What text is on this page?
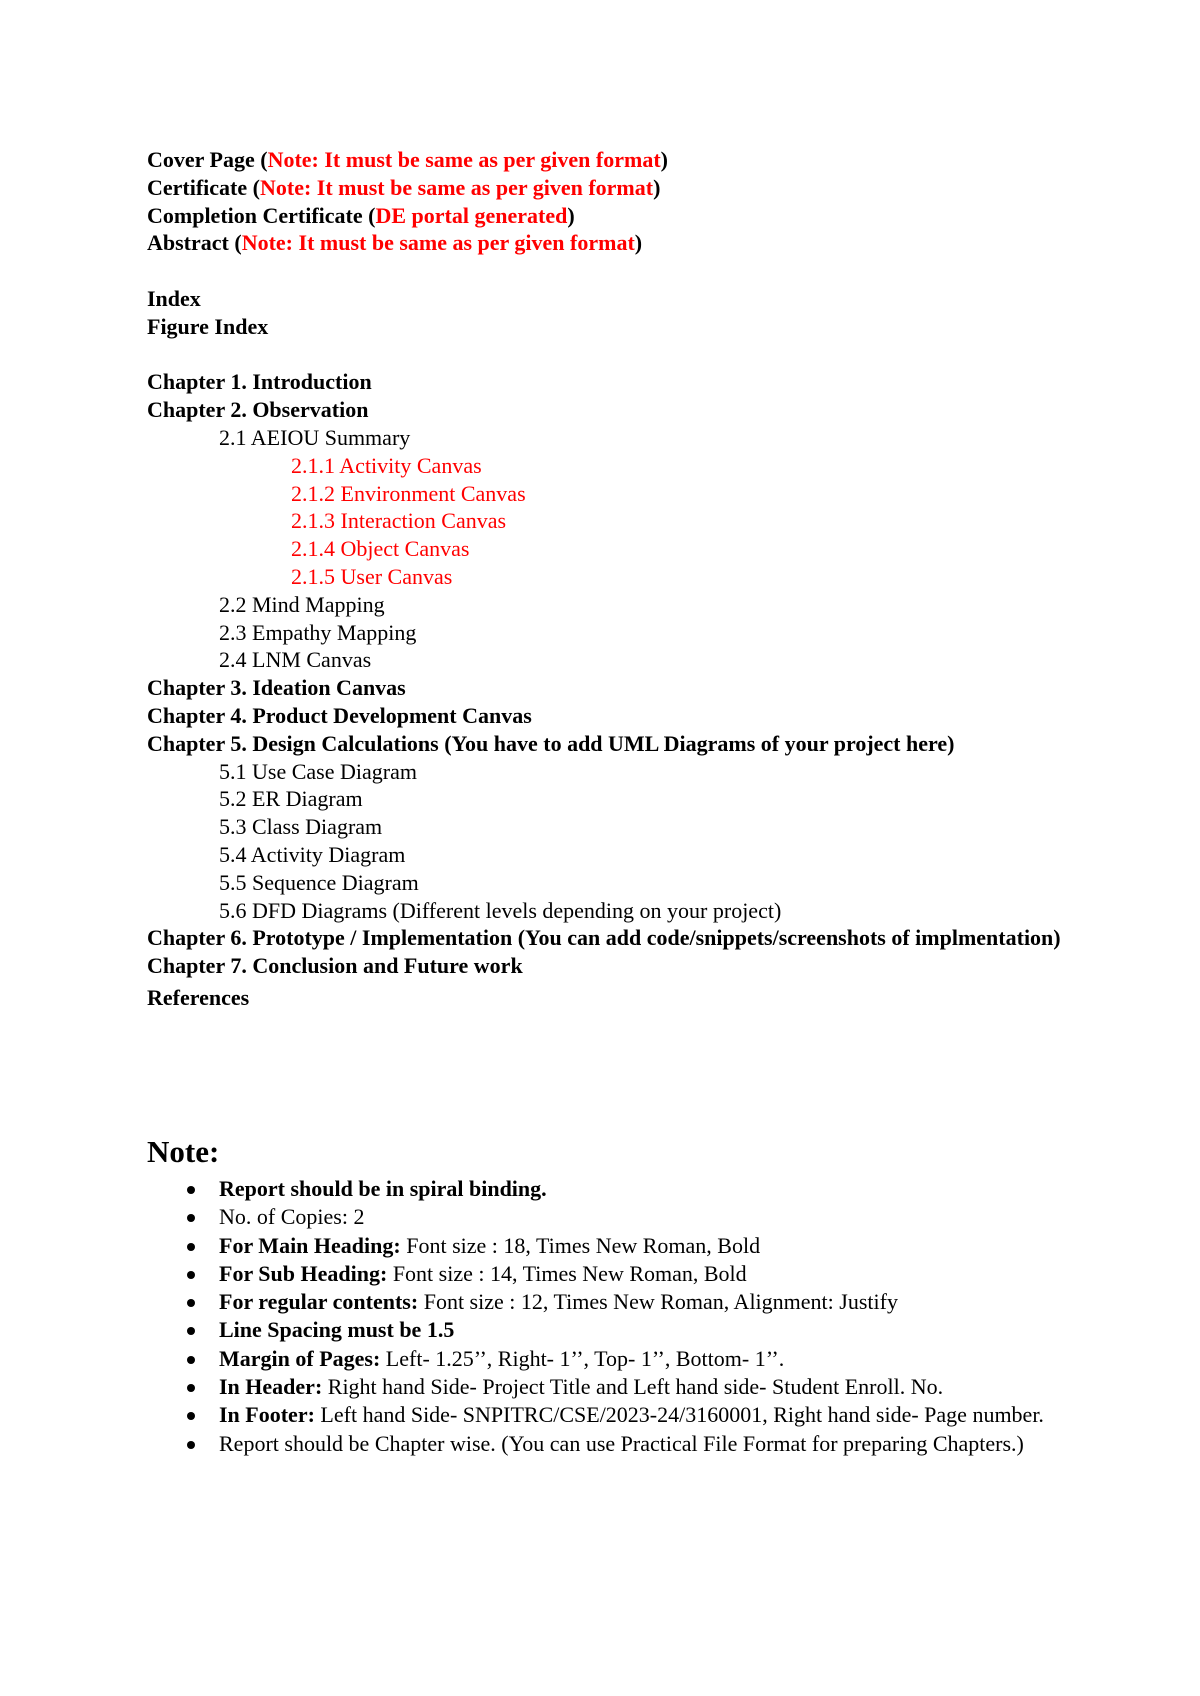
Cover Page (Note: It must be same as per given format)
Certificate (Note: It must be same as per given format)
Completion Certificate (DE portal generated)
Abstract (Note: It must be same as per given format)
Index
Figure Index
Chapter 1. Introduction
Chapter 2. Observation
2.1 AEIOU Summary
2.1.1 Activity Canvas
2.1.2 Environment Canvas
2.1.3 Interaction Canvas
2.1.4 Object Canvas
2.1.5 User Canvas
2.2 Mind Mapping
2.3 Empathy Mapping
2.4 LNM Canvas
Chapter 3. Ideation Canvas
Chapter 4. Product Development Canvas
Chapter 5. Design Calculations (You have to add UML Diagrams of your project here)
5.1 Use Case Diagram
5.2 ER Diagram
5.3 Class Diagram
5.4 Activity Diagram
5.5 Sequence Diagram
5.6 DFD Diagrams (Different levels depending on your project)
Chapter 6. Prototype / Implementation (You can add code/snippets/screenshots of implmentation)
Chapter 7. Conclusion and Future work
References
Note:
Report should be in spiral binding.
No. of Copies: 2
For Main Heading: Font size : 18, Times New Roman, Bold
For Sub Heading: Font size : 14, Times New Roman, Bold
For regular contents: Font size : 12, Times New Roman, Alignment: Justify
Line Spacing must be 1.5
Margin of Pages: Left- 1.25’’, Right- 1’’, Top- 1’’, Bottom- 1’’.
In Header: Right hand Side- Project Title and Left hand side- Student Enroll. No.
In Footer: Left hand Side- SNPITRC/CSE/2023-24/3160001, Right hand side- Page number.
Report should be Chapter wise. (You can use Practical File Format for preparing Chapters.)
